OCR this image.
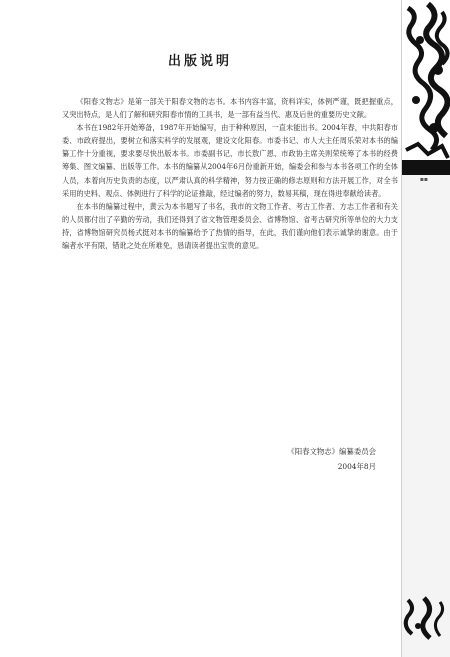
▪▪
出版说明

《阳春文物志》是第一部关于阳春文物的志书。本书内容丰富，资料详实，体例严谨，既把握重点，又突出特点，是人们了解和研究阳春市情的工具书，是一部有益当代、惠及后世的重要历史文献。

本书在1982年开始筹备，1987年开始编写，由于种种原因，一直未能出书。2004年春，中共阳春市委、市政府提出，要树立和落实科学的发展观，建设文化阳春。市委书记、市人大主任周乐荣对本书的编纂工作十分重视，要求要尽快出版本书。市委副书记、市长敖广恩、市政协主席关则荣统筹了本书的经费筹集、图文编纂、出版等工作。本书的编纂从2004年6月份重新开始，编委会和参与本书各项工作的全体人员，本着向历史负责的态度，以严肃认真的科学精神，努力按正确的修志原则和方法开展工作，对全书采用的史料、观点、体例进行了科学的论证推敲，经过编者的努力，数易其稿，现在得进奉献给读者。

在本书的编纂过程中，黄云为本书题写了书名，我市的文物工作者、考古工作者、方志工作者和有关的人员都付出了辛勤的劳动，我们还得到了省文物管理委员会、省博物馆、省考古研究所等单位的大力支持，省博物馆研究员杨式挺对本书的编纂给予了热情的指导，在此，我们谨向他们表示诚挚的谢意。由于编者水平有限，错讹之处在所难免，恳请读者提出宝贵的意见。

《阳春文物志》编纂委员会
2004年8月
